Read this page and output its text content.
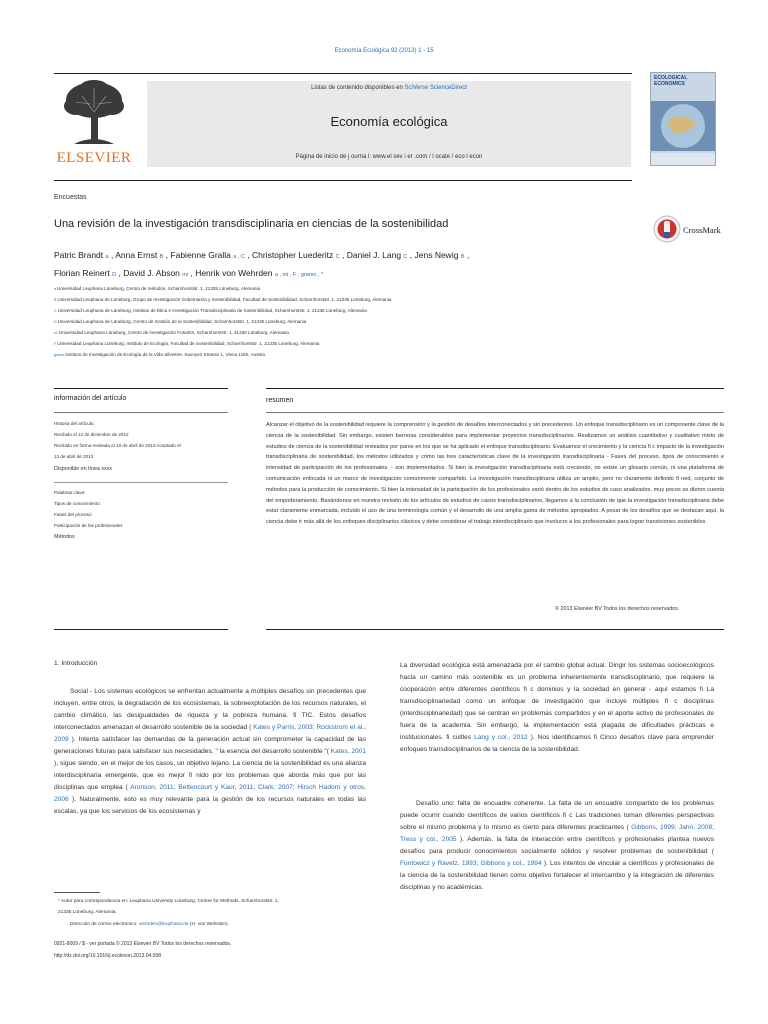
Economía Ecológica 92 (2013) 1 - 15
ELSEVIER
Listas de contenido disponibles en SciVerse ScienceDirect
Economía ecológica
Página de inicio de j ourna l: www.el sev i er .com / l ocate / eco l econ
ECOLOGICAL
ECONOMICS
Encuestas
Una revisión de la investigación transdisciplinaria en ciencias de la sostenibilidad	CrossMark
Patric Brandt a , Anna Ernst B , Fabienne Gralla a , C , Christopher Luederitz C , Daniel J. Lang C , Jens Newig B ,
Florian Reinert D , David J. Abson mi , Henrik von Wehrden a , mi , F , gramo , *
aUniversidad Leuphana Lüneburg, Centro de métodos, Scharnhorststr. 1, 21335 Lüneburg, Alemania
BUniversidad Leuphana de Lüneburg, Grupo de Investigación Gobernanza y Sostenibilidad, Facultad de Sostenibilidad, Scharnhorststr. 1, 21335 Lüneburg, Alemania
CUniversidad Leuphana de Lüneburg, Instituto de Ética e Investigación Transdisciplinaria de Sostenibilidad, Scharnhorststr. 1, 21335 Lüneburg, Alemania
DUniversidad Leuphana de Lüneburg, Centro de Gestión de la Sostenibilidad, Scharnhorststr. 1, 21335 Lüneburg, Alemania
miUniversidad Leuphana Lüneburg, Centro de investigación FuturES, Scharnhorststr. 1, 21335 Lüneburg, Alemania
FUniversidad Leuphana Lüneburg, Instituto de Ecología, Facultad de Sostenibilidad, Scharnhorststr. 1, 21335 Lüneburg, Alemania
gramoInstituto de Investigación de Ecología de la Vida Silvestre, Savoyen Strasse 1, Viena 1160, Austria
información del artículo
Historia del artículo:
Recibido el 12 de diciembre de 2012
Recibido en forma revisada el 10 de abril de 2013 Aceptado el
13 de abril de 2013
Disponible en línea xxxx
Palabras clave:
Tipos de conocimiento
Fases del proceso
Participación de los profesionales
Métodos
resumen
Alcanzar el objetivo de la sostenibilidad requiere la comprensión y la gestión de desafíos interconectados y sin precedentes. Un enfoque transdisciplinario es un componente clave de la ciencia de la sostenibilidad. Sin embargo, existen barreras considerables para implementar proyectos transdisciplinarios. Realizamos un análisis cuantitativo y cualitativo mixto de estudios de ciencia de la sostenibilidad revisados por pares en los que se ha aplicado el enfoque transdisciplinario. Evaluamos el crecimiento y la ciencia fi c impacto de la investigación transdisciplinaria de sostenibilidad, los métodos utilizados y cómo las tres características clave de la investigación transdisciplinaria - Fases del proceso, tipos de conocimiento e intensidad de participación de los profesionales. - son implementados. Si bien la investigación transdisciplinaria está creciendo, no existe un glosario común, ni una plataforma de comunicación enfocada ni un marco de investigación comúnmente compartido. La investigación transdisciplinaria utiliza un amplio, pero no claramente definido fi ned, conjunto de métodos para la producción de conocimiento. Si bien la intensidad de la participación de los profesionales varió dentro de los estudios de caso analizados, muy pocos se dieron cuenta del empoderamiento. Basándonos en nuestra revisión de los artículos de estudios de casos transdisciplinarios, llegamos a la conclusión de que la investigación transdisciplinaria debe estar claramente enmarcada, incluido el uso de una terminología común y el desarrollo de una amplia gama de métodos apropiados. A pesar de los desafíos que se destacan aquí, la ciencia debe ir más allá de los enfoques disciplinarios clásicos y debe considerar el trabajo interdisciplinario que involucre a los profesionales para lograr transiciones sostenibles.
© 2013 Elsevier BV Todos los derechos reservados.
1. Introducción
Social - Los sistemas ecológicos se enfrentan actualmente a múltiples desafíos sin precedentes que incluyen, entre otros, la degradación de los ecosistemas, la sobreexplotación de los recursos naturales, el cambio climático, las desigualdades de riqueza y la pobreza humana. fi TIC. Estos desafíos interconectados amenazan el desarrollo sostenible de la sociedad ( Kates y Parris, 2003; Rockstrom et al., 2009 ). Intenta satisfacer las demandas de la generación actual sin comprometer la capacidad de las generaciones futuras para satisfacer sus necesidades. " la esencia del desarrollo sostenible "( Kates, 2001 ), sigue siendo, en el mejor de los casos, un objetivo lejano. La ciencia de la sostenibilidad es una alianza interdisciplinaria emergente, que es mejor fi nido por los problemas que aborda más que por las disciplinas que emplea ( Aronson, 2011; Bettencourt y Kaur, 2011; Clark, 2007; Hirsch Hadorn y otros, 2006 ). Naturalmente, esto es muy relevante para la gestión de los recursos naturales en todas las escalas, ya que los servicios de los ecosistemas y
* Autor para correspondencia en: Leuphana University Lüneburg, Centre for Methods, Scharnhorststr. 1,
21335 Lüneburg, Alemania.
Dirección de correo electrónico: wehrden@leuphana.de (H. von Wehrden).
0921-8009 / $ - ver portada © 2013 Elsevier BV Todos los derechos reservados.
http://dx.doi.org/10.1016/j.ecolecon.2013.04.008
La diversidad ecológica está amenazada por el cambio global actual. Dirigir los sistemas socioecológicos hacia un camino más sostenible es un problema inherentemente transdisciplinario, que requiere la cooperación entre diferentes científicos fi c dominios y la sociedad en general - aquí estamos fi La transdisciplinariedad como un enfoque de investigación que incluye múltiples fi c disciplinas (interdisciplinariedad) que se centran en problemas compartidos y en el aporte activo de profesionales de fuera de la academia. Sin embargo, la implementación está plagada de dificultades prácticas e institucionales. fi cultles Lang y col., 2012 ). Nos identificamos fi Cinco desafíos clave para emprender enfoques transdisciplinarios de la ciencia de la sostenibilidad.
Desafío uno: falta de encuadre coherente. La falta de un encuadre compartido de los problemas puede ocurrir cuando científicos de varios científicos fi c Las tradiciones toman diferentes perspectivas sobre el mismo problema y lo mismo es cierto para diferentes practicantes ( Gibbons, 1999; Jahn, 2008; Tress y col., 2005 ). Además, la falta de interacción entre científicos y profesionales plantea nuevos desafíos para producir conocimientos socialmente sólidos y resolver problemas de sostenibilidad ( Funtowicz y Ravetz, 1993; Gibbons y col., 1994 ). Los intentos de vincular a científicos y profesionales de la ciencia de la sostenibilidad tienen como objetivo fortalecer el intercambio y la integración de diferentes disciplinas y no académicas.
